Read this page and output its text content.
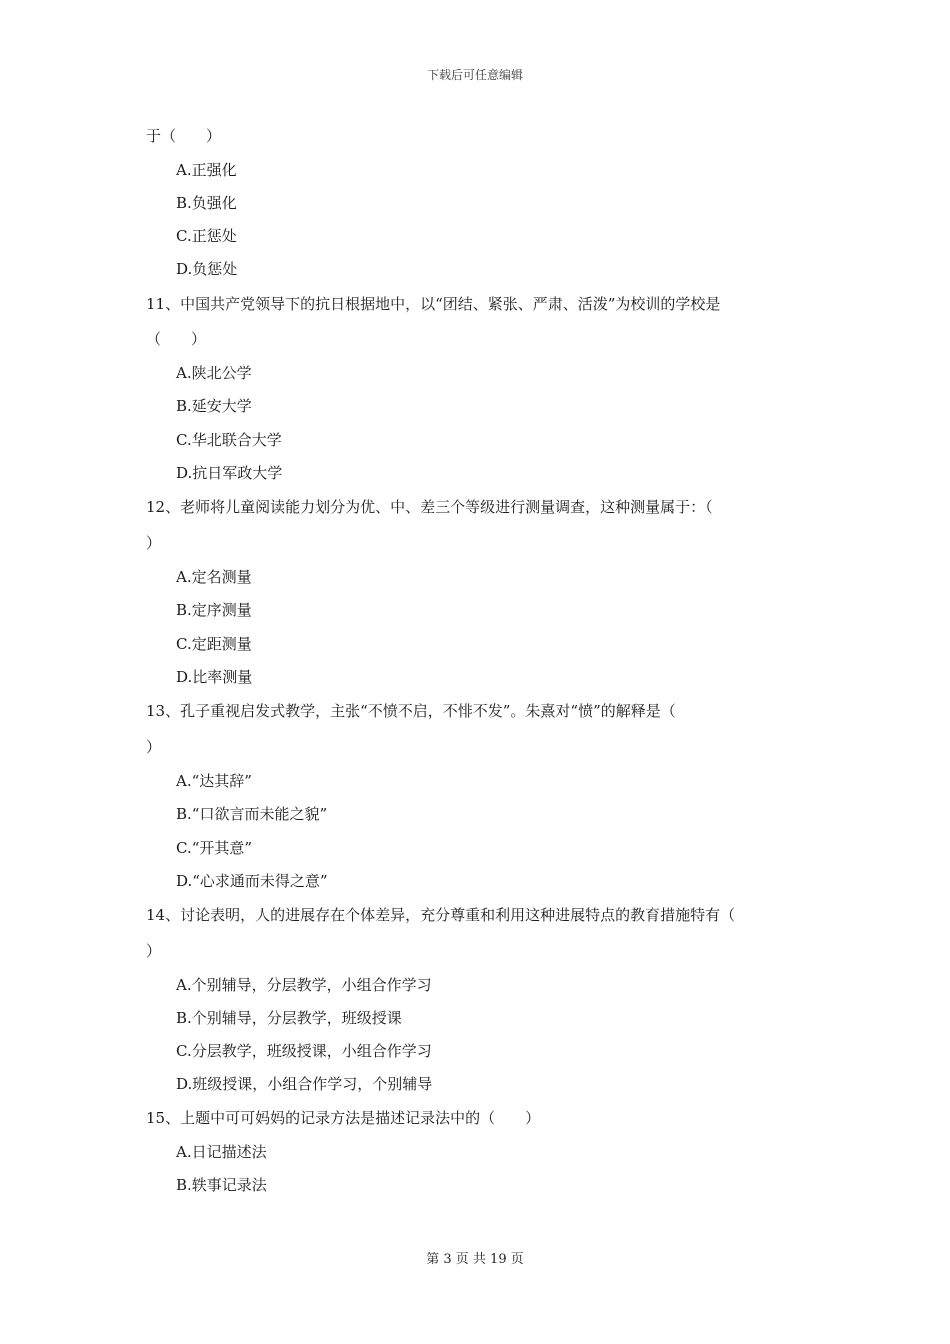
下载后可任意编辑
于（　　）
A.正强化
B.负强化
C.正惩处
D.负惩处
11、中国共产党领导下的抗日根据地中，以“团结、紧张、严肃、活泼”为校训的学校是
（　　）
A.陕北公学
B.延安大学
C.华北联合大学
D.抗日军政大学
12、老师将儿童阅读能力划分为优、中、差三个等级进行测量调查，这种测量属于：（
）
A.定名测量
B.定序测量
C.定距测量
D.比率测量
13、孔子重视启发式教学，主张“不愤不启，不悱不发”。朱熹对“愤”的解释是（
）
A.“达其辞”
B.“口欲言而未能之貌”
C.“开其意”
D.“心求通而未得之意”
14、讨论表明，人的进展存在个体差异，充分尊重和利用这种进展特点的教育措施特有（
）
A.个别辅导，分层教学，小组合作学习
B.个别辅导，分层教学，班级授课
C.分层教学，班级授课，小组合作学习
D.班级授课，小组合作学习，个别辅导
15、上题中可可妈妈的记录方法是描述记录法中的（　　）
A.日记描述法
B.轶事记录法
第 3 页 共 19 页
